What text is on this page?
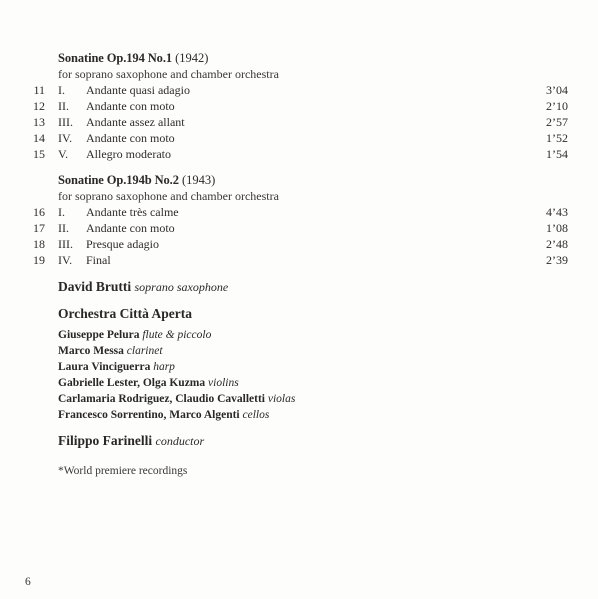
Sonatine Op.194 No.1 (1942)
for soprano saxophone and chamber orchestra
11 I. Andante quasi adagio	3’04
12 II. Andante con moto	2’10
13 III. Andante assez allant	2’57
14 IV. Andante con moto	1’52
15 V. Allegro moderato	1’54
Sonatine Op.194b No.2 (1943)
for soprano saxophone and chamber orchestra
16 I. Andante très calme	4’43
17 II. Andante con moto	1’08
18 III. Presque adagio	2’48
19 IV. Final	2’39
David Brutti soprano saxophone
Orchestra Città Aperta
Giuseppe Pelura flute & piccolo
Marco Messa clarinet
Laura Vinciguerra harp
Gabrielle Lester, Olga Kuzma violins
Carlamaria Rodriguez, Claudio Cavalletti violas
Francesco Sorrentino, Marco Algenti cellos
Filippo Farinelli conductor
*World premiere recordings
6
